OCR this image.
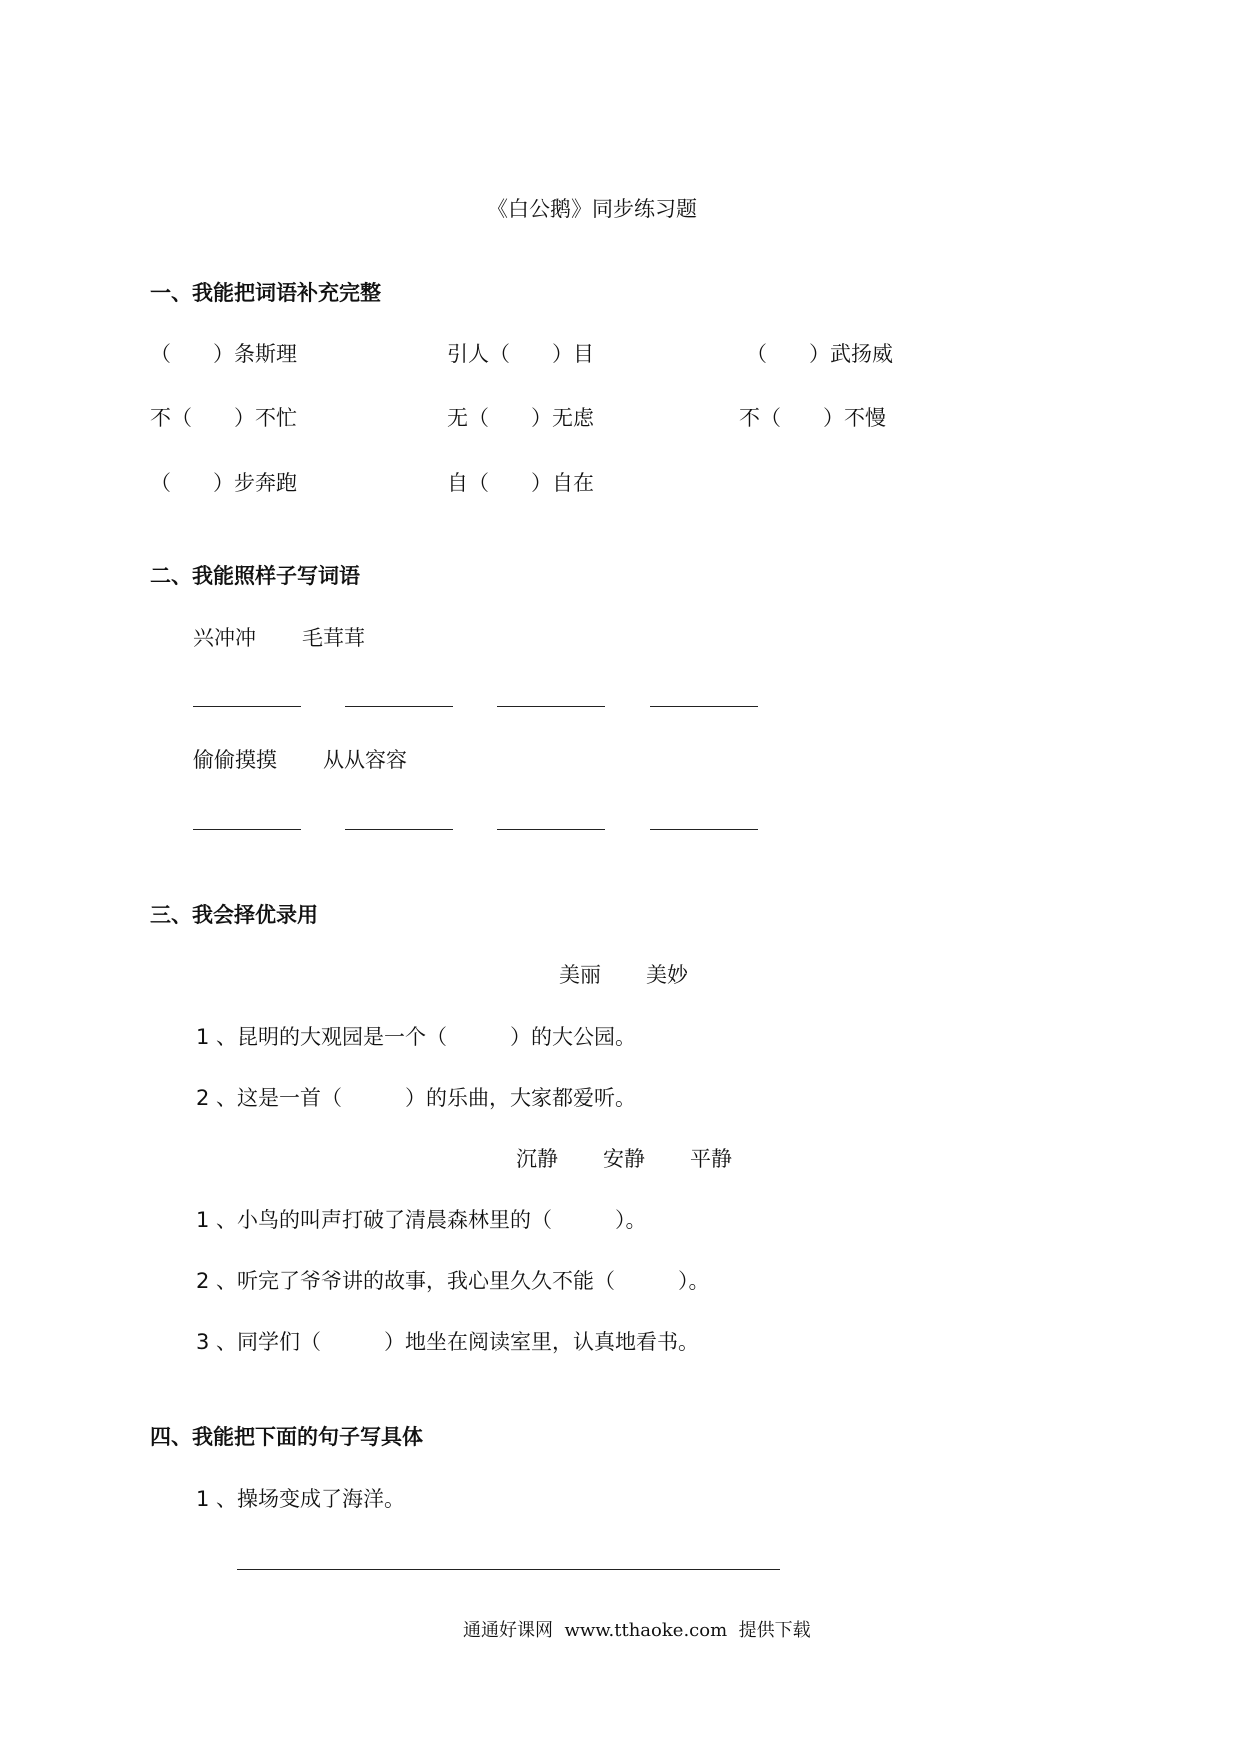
《白公鹅》同步练习题
一、我能把词语补充完整
（　　）条斯理	引人（　　）目	（　　）武扬威
不（　　）不忙	无（　　）无虑	不（　　）不慢
（　　）步奔跑	自（　　）自在
二、我能照样子写词语
兴冲冲 毛茸茸
偷偷摸摸 从从容容
三、我会择优录用
美丽 美妙
1 、昆明的大观园是一个（　　　）的大公园。
2 、这是一首（　　　）的乐曲，大家都爱听。
沉静 安静 平静
1 、小鸟的叫声打破了清晨森林里的（　　　）。
2 、听完了爷爷讲的故事，我心里久久不能（　　　）。
3 、同学们（　　　）地坐在阅读室里，认真地看书。
四、我能把下面的句子写具体
1 、操场变成了海洋。
通通好课网  www.tthaoke.com  提供下载
